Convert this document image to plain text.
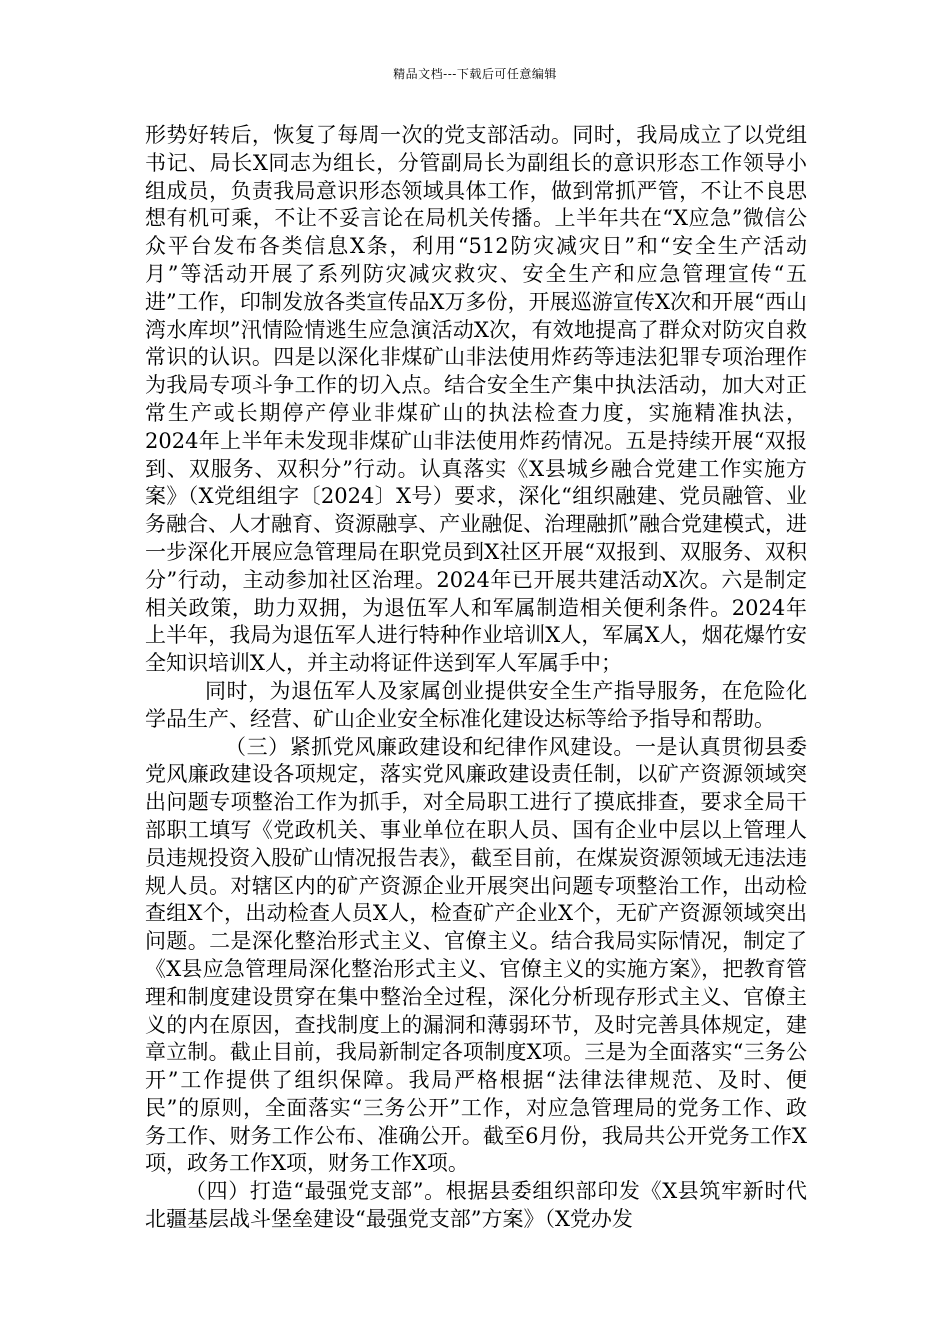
精品文档---下载后可任意编辑

形势好转后，恢复了每周一次的党支部活动。同时，我局成立了以党组书记、局长X同志为组长，分管副局长为副组长的意识形态工作领导小组成员，负责我局意识形态领域具体工作，做到常抓严管，不让不良思想有机可乘，不让不妥言论在局机关传播。上半年共在“X应急”微信公众平台发布各类信息X条，利用“512防灾减灾日”和“安全生产活动月”等活动开展了系列防灾减灾救灾、安全生产和应急管理宣传“五进”工作，印制发放各类宣传品X万多份，开展巡游宣传X次和开展“西山湾水库坝”汛情险情逃生应急演活动X次，有效地提高了群众对防灾自救常识的认识。四是以深化非煤矿山非法使用炸药等违法犯罪专项治理作为我局专项斗争工作的切入点。结合安全生产集中执法活动，加大对正常生产或长期停产停业非煤矿山的执法检查力度，实施精准执法，2024年上半年未发现非煤矿山非法使用炸药情况。五是持续开展“双报到、双服务、双积分”行动。认真落实《X县城乡融合党建工作实施方案》（X党组组字〔2024〕X号）要求，深化“组织融建、党员融管、业务融合、人才融育、资源融享、产业融促、治理融抓”融合党建模式，进一步深化开展应急管理局在职党员到X社区开展“双报到、双服务、双积分”行动，主动参加社区治理。2024年已开展共建活动X次。六是制定相关政策，助力双拥，为退伍军人和军属制造相关便利条件。2024年上半年，我局为退伍军人进行特种作业培训X人，军属X人，烟花爆竹安全知识培训X人，并主动将证件送到军人军属手中；

同时，为退伍军人及家属创业提供安全生产指导服务，在危险化学品生产、经营、矿山企业安全标准化建设达标等给予指导和帮助。

（三）紧抓党风廉政建设和纪律作风建设。一是认真贯彻县委党风廉政建设各项规定，落实党风廉政建设责任制，以矿产资源领域突出问题专项整治工作为抓手，对全局职工进行了摸底排查，要求全局干部职工填写《党政机关、事业单位在职人员、国有企业中层以上管理人员违规投资入股矿山情况报告表》，截至目前，在煤炭资源领域无违法违规人员。对辖区内的矿产资源企业开展突出问题专项整治工作，出动检查组X个，出动检查人员X人，检查矿产企业X个，无矿产资源领域突出问题。二是深化整治形式主义、官僚主义。结合我局实际情况，制定了《X县应急管理局深化整治形式主义、官僚主义的实施方案》，把教育管理和制度建设贯穿在集中整治全过程，深化分析现存形式主义、官僚主义的内在原因，查找制度上的漏洞和薄弱环节，及时完善具体规定，建章立制。截止目前，我局新制定各项制度X项。三是为全面落实“三务公开”工作提供了组织保障。我局严格根据“法律法律规范、及时、便民”的原则，全面落实“三务公开”工作，对应急管理局的党务工作、政务工作、财务工作公布、准确公开。截至6月份，我局共公开党务工作X项，政务工作X项，财务工作X项。

（四）打造“最强党支部”。根据县委组织部印发《X县筑牢新时代北疆基层战斗堡垒建设“最强党支部”方案》（X党办发
